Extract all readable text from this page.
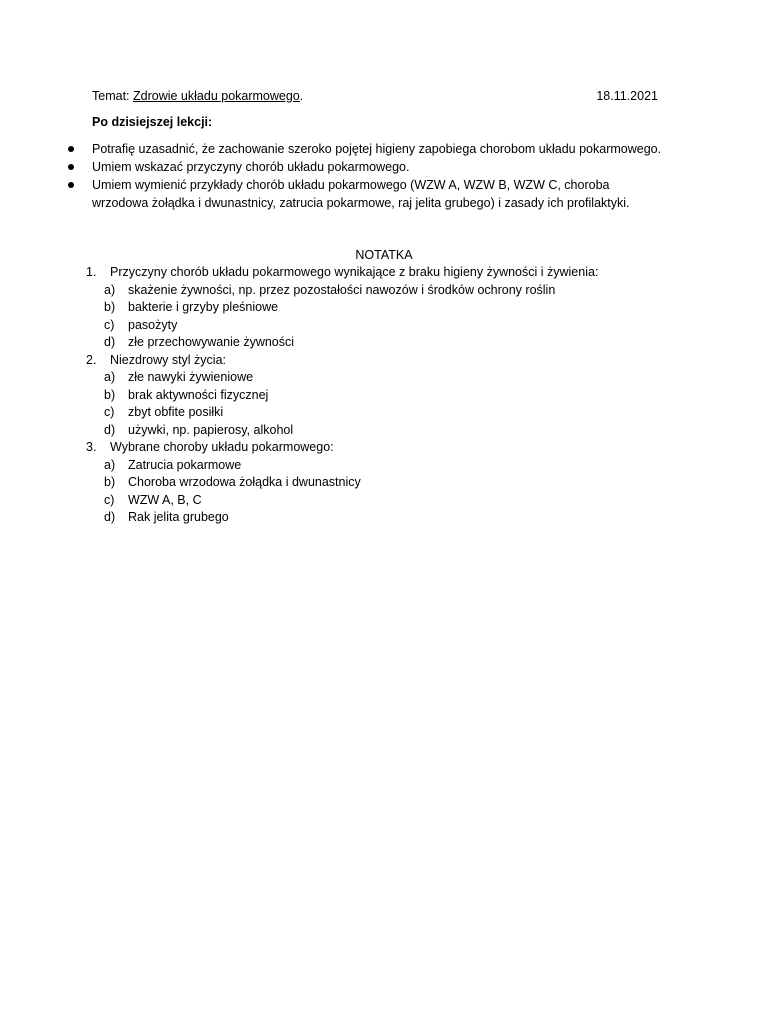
Temat: Zdrowie układu pokarmowego.	18.11.2021
Po dzisiejszej lekcji:
Potrafię uzasadnić, że zachowanie szeroko pojętej higieny zapobiega chorobom układu pokarmowego.
Umiem wskazać przyczyny chorób układu pokarmowego.
Umiem wymienić przykłady chorób układu pokarmowego (WZW A, WZW B, WZW C, choroba wrzodowa żołądka i dwunastnicy, zatrucia pokarmowe, raj jelita grubego) i zasady ich profilaktyki.
NOTATKA
1. Przyczyny chorób układu pokarmowego wynikające z braku higieny żywności i żywienia:
a) skażenie żywności, np. przez pozostałości nawozów i środków ochrony roślin
b) bakterie i grzyby pleśniowe
c) pasożyty
d) złe przechowywanie żywności
2. Niezdrowy styl życia:
a) złe nawyki żywieniowe
b) brak aktywności fizycznej
c) zbyt obfite posiłki
d) używki, np. papierosy, alkohol
3. Wybrane choroby układu pokarmowego:
a) Zatrucia pokarmowe
b) Choroba wrzodowa żołądka i dwunastnicy
c) WZW A, B, C
d) Rak jelita grubego
